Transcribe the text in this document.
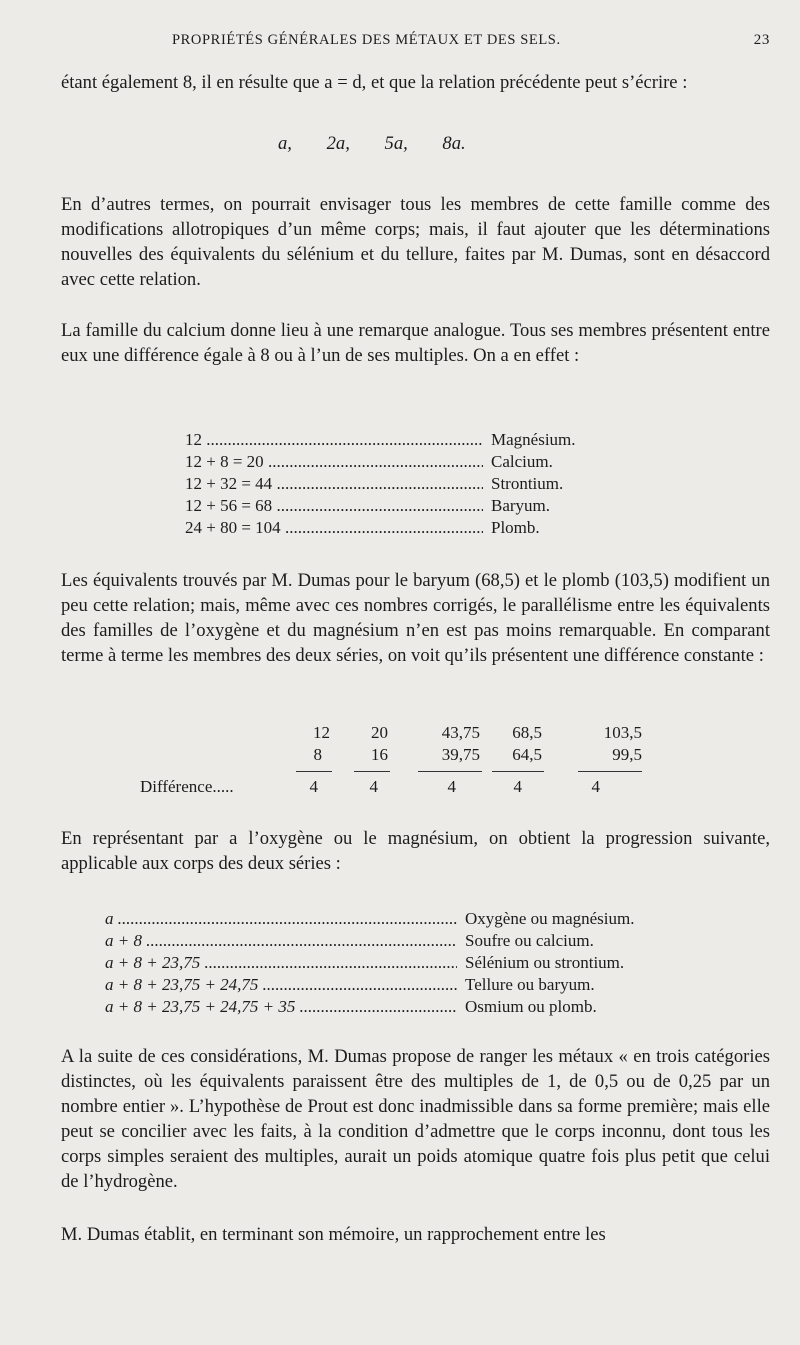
PROPRIÉTÉS GÉNÉRALES DES MÉTAUX ET DES SELS.	23

étant également 8, il en résulte que a = d, et que la relation précédente peut s’écrire :

a, 2a, 5a, 8a.

En d’autres termes, on pourrait envisager tous les membres de cette famille comme des modifications allotropiques d’un même corps; mais, il faut ajouter que les déterminations nouvelles des équivalents du sélénium et du tellure, faites par M. Dumas, sont en désaccord avec cette relation.

La famille du calcium donne lieu à une remarque analogue. Tous ses membres présentent entre eux une différence égale à 8 ou à l’un de ses multiples. On a en effet :

12 .....	Magnésium.
12 + 8 = 20 .....	Calcium.
12 + 32 = 44 .....	Strontium.
12 + 56 = 68 .....	Baryum.
24 + 80 = 104 .....	Plomb.

Les équivalents trouvés par M. Dumas pour le baryum (68,5) et le plomb (103,5) modifient un peu cette relation; mais, même avec ces nombres corrigés, le parallélisme entre les équivalents des familles de l’oxygène et du magnésium n’en est pas moins remarquable. En comparant terme à terme les membres des deux séries, on voit qu’ils présentent une différence constante :

12	20	43,75	68,5	103,5
8	16	39,75	64,5	99,5
Différence.....	4	4	4	4	4

En représentant par a l’oxygène ou le magnésium, on obtient la progression suivante, applicable aux corps des deux séries :

a .....	Oxygène ou magnésium.
a + 8 .....	Soufre ou calcium.
a + 8 + 23,75 .....	Sélénium ou strontium.
a + 8 + 23,75 + 24,75 .....	Tellure ou baryum.
a + 8 + 23,75 + 24,75 + 35 .....	Osmium ou plomb.

A la suite de ces considérations, M. Dumas propose de ranger les métaux « en trois catégories distinctes, où les équivalents paraissent être des multiples de 1, de 0,5 ou de 0,25 par un nombre entier ». L’hypothèse de Prout est donc inadmissible dans sa forme première; mais elle peut se concilier avec les faits, à la condition d’admettre que le corps inconnu, dont tous les corps simples seraient des multiples, aurait un poids atomique quatre fois plus petit que celui de l’hydrogène.

M. Dumas établit, en terminant son mémoire, un rapprochement entre les
